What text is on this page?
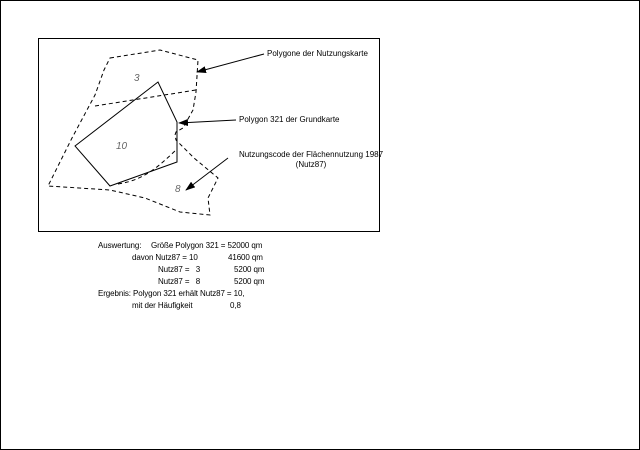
3
10
8
Polygone der Nutzungskarte
Polygon 321 der Grundkarte
Nutzungscode der Flächennutzung 1987
(Nutz87)
Auswertung: Größe Polygon 321 = 52000 qm
davon Nutz87 = 10	41600 qm
Nutz87 =   3	5200 qm
Nutz87 =   8	5200 qm
Ergebnis: Polygon 321 erhält Nutz87 = 10,
mit der Häufigkeit	0,8
